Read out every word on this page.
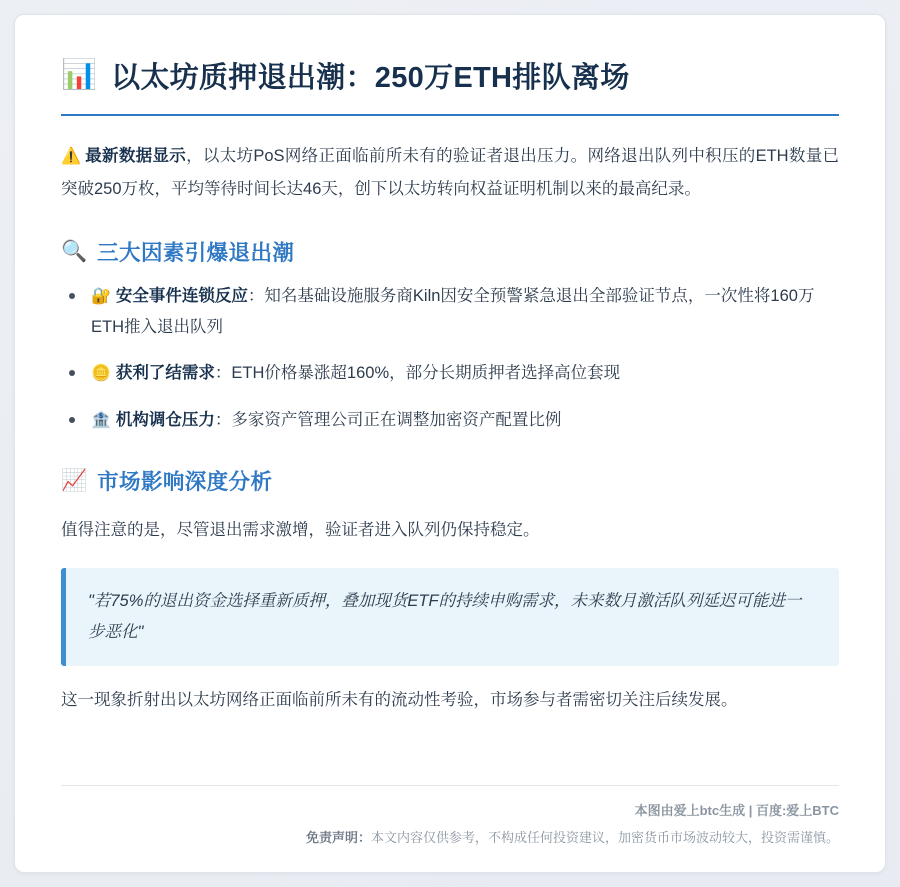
📊 以太坊质押退出潮：250万ETH排队离场

⚠️ 最新数据显示，以太坊PoS网络正面临前所未有的验证者退出压力。网络退出队列中积压的ETH数量已突破250万枚，平均等待时间长达46天，创下以太坊转向权益证明机制以来的最高纪录。

🔍 三大因素引爆退出潮
🔐 安全事件连锁反应：知名基础设施服务商Kiln因安全预警紧急退出全部验证节点，一次性将160万ETH推入退出队列
🪙 获利了结需求：ETH价格暴涨超160%，部分长期质押者选择高位套现
🏦 机构调仓压力：多家资产管理公司正在调整加密资产配置比例
📈 市场影响深度分析

值得注意的是，尽管退出需求激增，验证者进入队列仍保持稳定。

"若75%的退出资金选择重新质押，叠加现货ETF的持续申购需求，未来数月激活队列延迟可能进一步恶化"

这一现象折射出以太坊网络正面临前所未有的流动性考验，市场参与者需密切关注后续发展。

本图由爱上btc生成 | 百度:爱上BTC
免责声明：本文内容仅供参考，不构成任何投资建议，加密货币市场波动较大，投资需谨慎。
